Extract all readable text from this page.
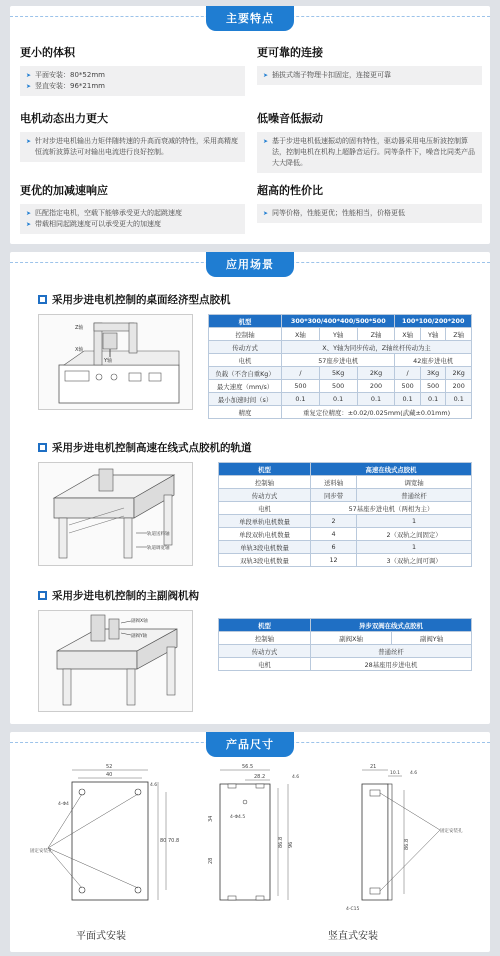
主要特点
更小的体积
➤ 平面安装：80*52mm
➤ 竖直安装：96*21mm
更可靠的连接
➤ 插拔式端子物理卡扣固定，连接更可靠
电机动态出力更大
➤ 针对步进电机输出力矩伴随转速的升高而衰减的特性，采用高精度恒流斩波算法可对输出电流进行良好控制。
低噪音低振动
➤ 基于步进电机低速振动的固有特性，驱动器采用电压斩波控制算法，控制电机在机构上超静音运行。同等条件下，噪音比同类产品大大降低。
更优的加减速响应
➤ 匹配指定电机，空载下能够承受更大的起跳速度
➤ 带载相同起跳速度可以承受更大的加速度
超高的性价比
➤ 同等价格，性能更优；性能相当，价格更低
应用场景
采用步进电机控制的桌面经济型点胶机
Z轴
X轴
Y轴
机型	300*300/400*400/500*500			100*100/200*200		
控制轴	X轴	Y轴	Z轴	X轴	Y轴	Z轴
传动方式	X、Y轴为同步传动，Z轴丝杆传动为主					
电机	57座步进电机			42座步进电机		
负载（不含自重Kg）	/	5Kg	2Kg	/	3Kg	2Kg
最大速度（mm/s）	500	500	200	500	500	200
最小加速时间（s）	0.1	0.1	0.1	0.1	0.1	0.1
精度	重复定位精度：±0.02/0.025mm(武藏±0.01mm)					
采用步进电机控制高速在线式点胶机的轨道
轨道送料轴
轨道调宽轴
机型	高速在线式点胶机	
控制轴	送料轴	调宽轴
传动方式	同步带	普通丝杆
电机	57基座步进电机（两相为主）	
单段单轨电机数量	2	1
单段双轨电机数量	4	2（双轨之间固定）
单轨3段电机数量	6	1
双轨3段电机数量	12	3（双轨之间可调）
采用步进电机控制的主副阀机构
副阀X轴
副阀Y轴
机型	异步双阀在线式点胶机	
控制轴	副阀X轴	副阀Y轴
传动方式	普通丝杆	
电机	28基座用步进电机	
产品尺寸
52
40
4-Φ4
4.6
80 70.8
固定安装孔
平面式安装
56.5
28.2
4-Φ4.5
34
28
86.8 96
4.6
21
10.1 4.6
86.8
4-C15
固定安装孔
竖直式安装
